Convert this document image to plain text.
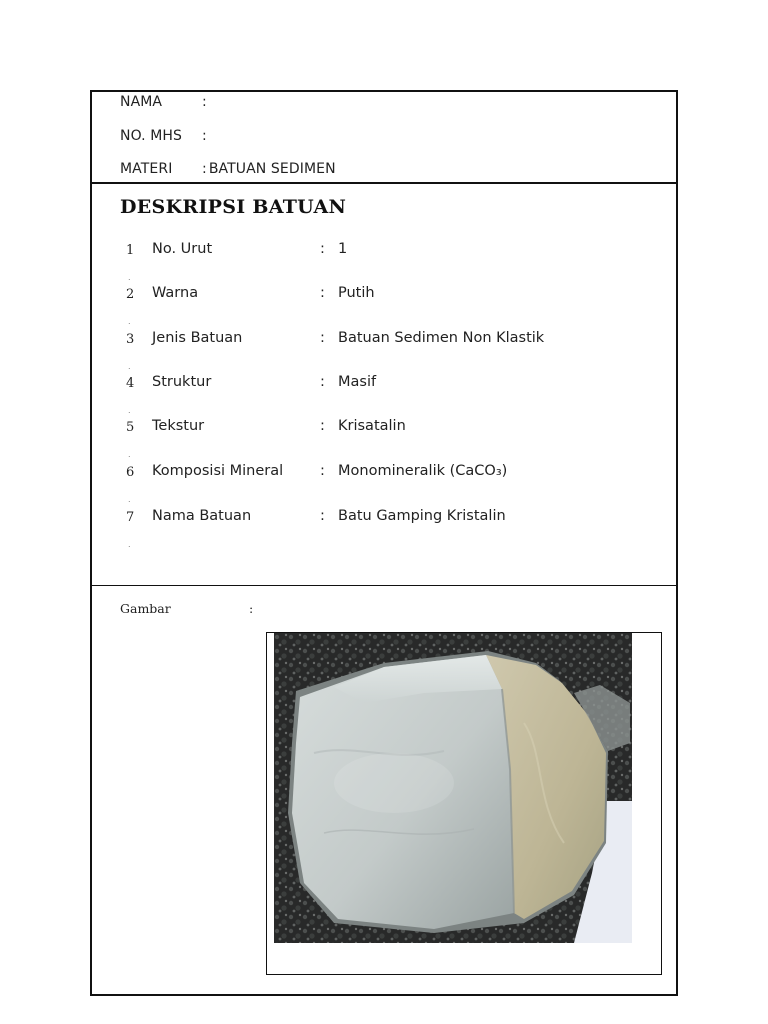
NAMA	:
NO. MHS :
MATERI : BATUAN SEDIMEN
DESKRIPSI BATUAN
1 No. Urut	: 1
.
2 Warna	: Putih
.
3 Jenis Batuan	: Batuan Sedimen Non Klastik
.
4 Struktur	: Masif
.
5 Tekstur	: Krisatalin
.
6 Komposisi Mineral	: Monomineralik (CaCO₃)
.
7 Nama Batuan	: Batu Gamping Kristalin
.
Gambar	:
